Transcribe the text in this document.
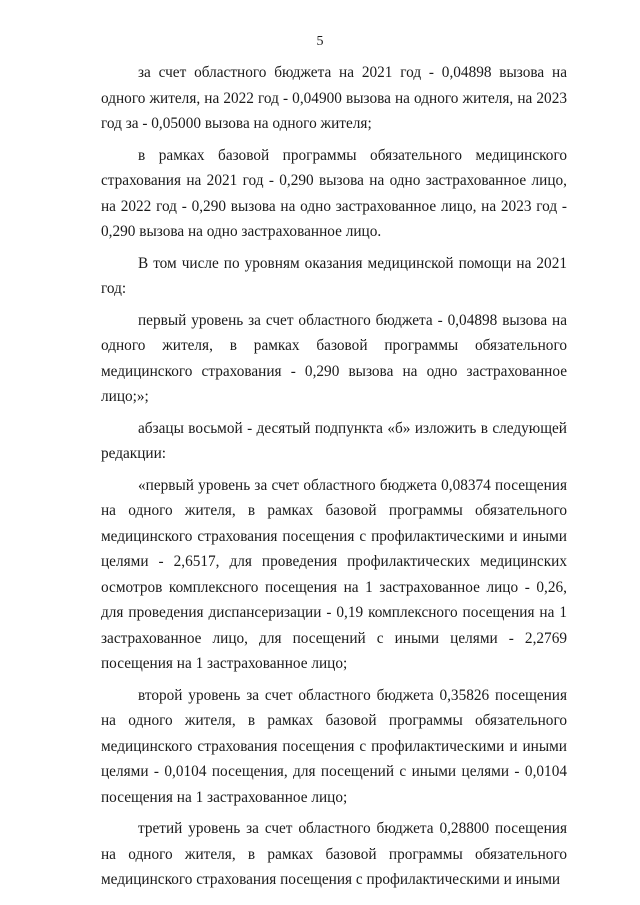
5

за счет областного бюджета на 2021 год - 0,04898 вызова на одного жителя, на 2022 год - 0,04900 вызова на одного жителя, на 2023 год за - 0,05000 вызова на одного жителя;

в рамках базовой программы обязательного медицинского страхования на 2021 год - 0,290 вызова на одно застрахованное лицо, на 2022 год - 0,290 вызова на одно застрахованное лицо, на 2023 год - 0,290 вызова на одно застрахованное лицо.

В том числе по уровням оказания медицинской помощи на 2021 год:

первый уровень за счет областного бюджета - 0,04898 вызова на одного жителя, в рамках базовой программы обязательного медицинского страхования - 0,290 вызова на одно застрахованное лицо;»;

абзацы восьмой - десятый подпункта «б» изложить в следующей редакции:

«первый уровень за счет областного бюджета 0,08374 посещения на одного жителя, в рамках базовой программы обязательного медицинского страхования посещения с профилактическими и иными целями - 2,6517, для проведения профилактических медицинских осмотров комплексного посещения на 1 застрахованное лицо - 0,26, для проведения диспансеризации - 0,19 комплексного посещения на 1 застрахованное лицо, для посещений с иными целями - 2,2769 посещения на 1 застрахованное лицо;

второй уровень за счет областного бюджета 0,35826 посещения на одного жителя, в рамках базовой программы обязательного медицинского страхования посещения с профилактическими и иными целями - 0,0104 посещения, для посещений с иными целями - 0,0104 посещения на 1 застрахованное лицо;

третий уровень за счет областного бюджета 0,28800 посещения на одного жителя, в рамках базовой программы обязательного медицинского страхования посещения с профилактическими и иными
